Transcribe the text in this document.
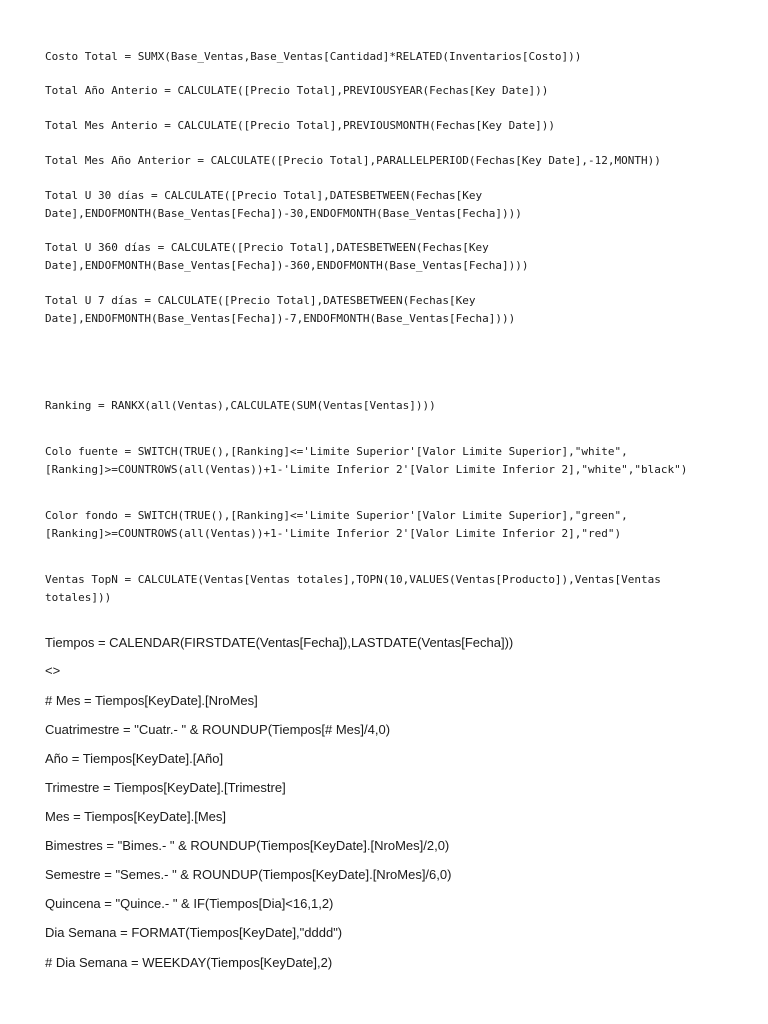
Costo Total = SUMX(Base_Ventas,Base_Ventas[Cantidad]*RELATED(Inventarios[Costo]))

Total Año Anterio = CALCULATE([Precio Total],PREVIOUSYEAR(Fechas[Key Date]))

Total Mes Anterio = CALCULATE([Precio Total],PREVIOUSMONTH(Fechas[Key Date]))

Total Mes Año Anterior = CALCULATE([Precio Total],PARALLELPERIOD(Fechas[Key Date],-12,MONTH))

Total U 30 días = CALCULATE([Precio Total],DATESBETWEEN(Fechas[Key
Date],ENDOFMONTH(Base_Ventas[Fecha])-30,ENDOFMONTH(Base_Ventas[Fecha])))

Total U 360 días = CALCULATE([Precio Total],DATESBETWEEN(Fechas[Key
Date],ENDOFMONTH(Base_Ventas[Fecha])-360,ENDOFMONTH(Base_Ventas[Fecha])))

Total U 7 días = CALCULATE([Precio Total],DATESBETWEEN(Fechas[Key
Date],ENDOFMONTH(Base_Ventas[Fecha])-7,ENDOFMONTH(Base_Ventas[Fecha])))

Ranking = RANKX(all(Ventas),CALCULATE(SUM(Ventas[Ventas])))

Colo fuente = SWITCH(TRUE(),[Ranking]<='Limite Superior'[Valor Limite Superior],"white",
[Ranking]>=COUNTROWS(all(Ventas))+1-'Limite Inferior 2'[Valor Limite Inferior 2],"white","black")

Color fondo = SWITCH(TRUE(),[Ranking]<='Limite Superior'[Valor Limite Superior],"green",
[Ranking]>=COUNTROWS(all(Ventas))+1-'Limite Inferior 2'[Valor Limite Inferior 2],"red")

Ventas TopN = CALCULATE(Ventas[Ventas totales],TOPN(10,VALUES(Ventas[Producto]),Ventas[Ventas
totales]))

Tiempos = CALENDAR(FIRSTDATE(Ventas[Fecha]),LASTDATE(Ventas[Fecha]))

<>

# Mes = Tiempos[KeyDate].[NroMes]

Cuatrimestre = "Cuatr.- " & ROUNDUP(Tiempos[# Mes]/4,0)

Año = Tiempos[KeyDate].[Año]

Trimestre = Tiempos[KeyDate].[Trimestre]

Mes = Tiempos[KeyDate].[Mes]

Bimestres = "Bimes.- " & ROUNDUP(Tiempos[KeyDate].[NroMes]/2,0)

Semestre = "Semes.- " & ROUNDUP(Tiempos[KeyDate].[NroMes]/6,0)

Quincena = "Quince.- " & IF(Tiempos[Dia]<16,1,2)

Dia Semana = FORMAT(Tiempos[KeyDate],"dddd")

# Dia Semana = WEEKDAY(Tiempos[KeyDate],2)
